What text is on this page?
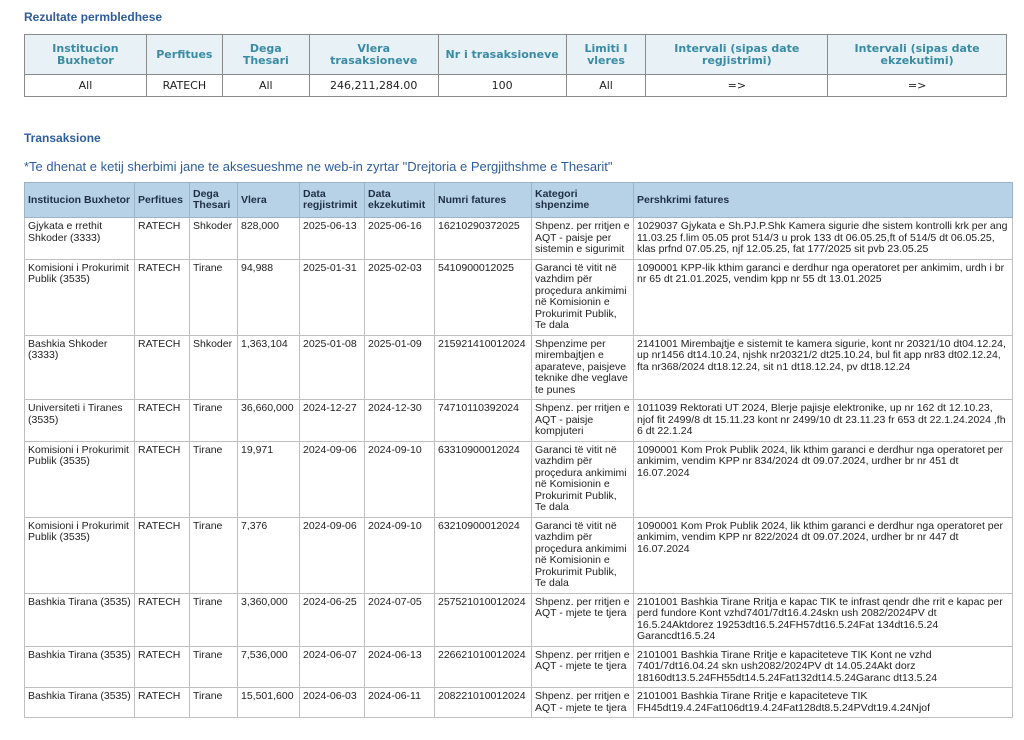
Rezultate permbledhese
Institucion Buxhetor	Perfitues	Dega Thesari	Vlera trasaksioneve	Nr i trasaksioneve	Limiti I vleres	Intervali (sipas date regjistrimi)	Intervali (sipas date ekzekutimi)
All	RATECH	All	246,211,284.00	100	All	=>	=>
Transaksione

*Te dhenat e ketij sherbimi jane te aksesueshme ne web-in zyrtar "Drejtoria e Pergjithshme e Thesarit"

Institucion Buxhetor	Perfitues	Dega Thesari	Vlera	Data regjistrimit	Data ekzekutimit	Numri fatures	Kategori shpenzime	Pershkrimi fatures
Gjykata e rrethit Shkoder (3333)	RATECH	Shkoder	828,000	2025-06-13	2025-06-16	16210290372025	Shpenz. per rritjen e AQT - paisje per sistemin e sigurimit	1029037 Gjykata e Sh.PJ.P.Shk Kamera sigurie dhe sistem kontrolli krk per ang 11.03.25 f.lim 05.05 prot 514/3 u prok 133 dt 06.05.25,ft of 514/5 dt 06.05.25, klas prfnd 07.05.25, njf 12.05.25, fat 177/2025 sit pvb 23.05.25
Komisioni i Prokurimit Publik (3535)	RATECH	Tirane	94,988	2025-01-31	2025-02-03	5410900012025	Garanci të vitit në vazhdim për proçedura ankimimi në Komisionin e Prokurimit Publik, Te dala	1090001 KPP-lik kthim garanci e derdhur nga operatoret per ankimim, urdh i br nr 65 dt 21.01.2025, vendim kpp nr 55 dt 13.01.2025
Bashkia Shkoder (3333)	RATECH	Shkoder	1,363,104	2025-01-08	2025-01-09	215921410012024	Shpenzime per mirembajtjen e aparateve, paisjeve teknike dhe veglave te punes	2141001 Mirembajtje e sistemit te kamera sigurie, kont nr 20321/10 dt04.12.24, up nr1456 dt14.10.24, njshk nr20321/2 dt25.10.24, bul fit app nr83 dt02.12.24, fta nr368/2024 dt18.12.24, sit n1 dt18.12.24, pv dt18.12.24
Universiteti i Tiranes (3535)	RATECH	Tirane	36,660,000	2024-12-27	2024-12-30	74710110392024	Shpenz. per rritjen e AQT - paisje kompjuteri	1011039 Rektorati UT 2024, Blerje pajisje elektronike, up nr 162 dt 12.10.23, njof fit 2499/8 dt 15.11.23 kont nr 2499/10 dt 23.11.23 fr 653 dt 22.1.24.2024 ,fh 6 dt 22.1.24
Komisioni i Prokurimit Publik (3535)	RATECH	Tirane	19,971	2024-09-06	2024-09-10	63310900012024	Garanci të vitit në vazhdim për proçedura ankimimi në Komisionin e Prokurimit Publik, Te dala	1090001 Kom Prok Publik 2024, lik kthim garanci e derdhur nga operatoret per ankimim, vendim KPP nr 834/2024 dt 09.07.2024, urdher br nr 451 dt 16.07.2024
Komisioni i Prokurimit Publik (3535)	RATECH	Tirane	7,376	2024-09-06	2024-09-10	63210900012024	Garanci të vitit në vazhdim për proçedura ankimimi në Komisionin e Prokurimit Publik, Te dala	1090001 Kom Prok Publik 2024, lik kthim garanci e derdhur nga operatoret per ankimim, vendim KPP nr 822/2024 dt 09.07.2024, urdher br nr 447 dt 16.07.2024
Bashkia Tirana (3535)	RATECH	Tirane	3,360,000	2024-06-25	2024-07-05	257521010012024	Shpenz. per rritjen e AQT - mjete te tjera	2101001 Bashkia Tirane Rritja e kapac TIK te infrast qendr dhe rrit e kapac per perd fundore Kont vzhd7401/7dt16.4.24skn ush 2082/2024PV dt 16.5.24Aktdorez 19253dt16.5.24FH57dt16.5.24Fat 134dt16.5.24 Garancdt16.5.24
Bashkia Tirana (3535)	RATECH	Tirane	7,536,000	2024-06-07	2024-06-13	226621010012024	Shpenz. per rritjen e AQT - mjete te tjera	2101001 Bashkia Tirane Rritje e kapaciteteve TIK Kont ne vzhd 7401/7dt16.04.24 skn ush2082/2024PV dt 14.05.24Akt dorz 18160dt13.5.24FH55dt14.5.24Fat132dt14.5.24Garanc dt13.5.24
Bashkia Tirana (3535)	RATECH	Tirane	15,501,600	2024-06-03	2024-06-11	208221010012024	Shpenz. per rritjen e AQT - mjete te tjera	2101001 Bashkia Tirane Rritje e kapaciteteve TIK FH45dt19.4.24Fat106dt19.4.24Fat128dt8.5.24PVdt19.4.24Njof
